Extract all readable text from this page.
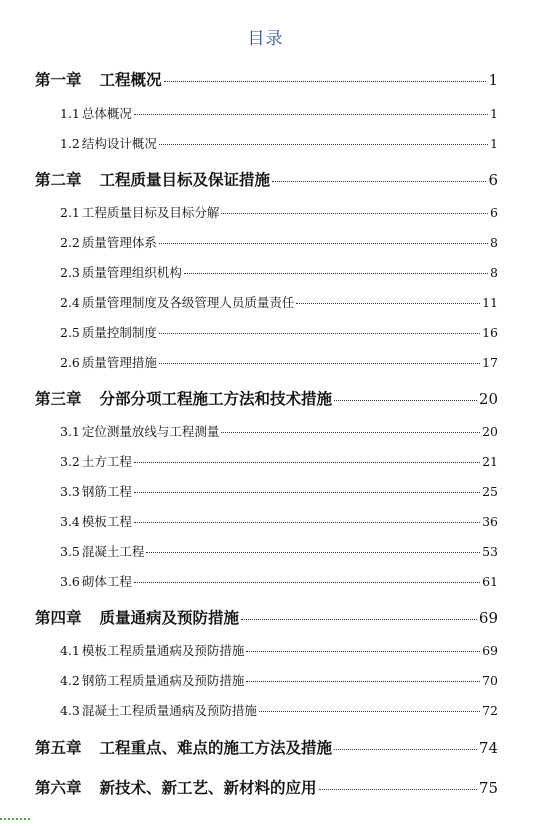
目录
第一章 工程概况	1
1.1 总体概况	1
1.2 结构设计概况	1
第二章 工程质量目标及保证措施	6
2.1 工程质量目标及目标分解	6
2.2 质量管理体系	8
2.3 质量管理组织机构	8
2.4 质量管理制度及各级管理人员质量责任	11
2.5 质量控制制度	16
2.6 质量管理措施	17
第三章 分部分项工程施工方法和技术措施	20
3.1 定位测量放线与工程测量	20
3.2 土方工程	21
3.3 钢筋工程	25
3.4 模板工程	36
3.5 混凝土工程	53
3.6 砌体工程	61
第四章 质量通病及预防措施	69
4.1 模板工程质量通病及预防措施	69
4.2 钢筋工程质量通病及预防措施	70
4.3 混凝土工程质量通病及预防措施	72
第五章 工程重点、难点的施工方法及措施	74
第六章 新技术、新工艺、新材料的应用	75
